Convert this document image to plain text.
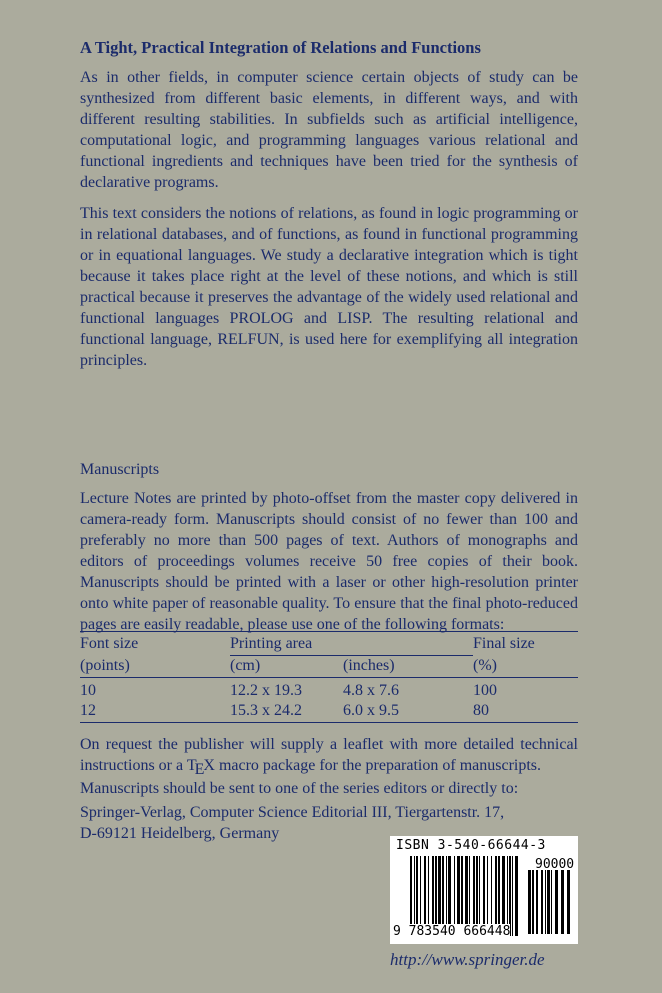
A Tight, Practical Integration of Relations and Functions

As in other fields, in computer science certain objects of study can be synthesized from different basic elements, in different ways, and with different resulting stabilities. In subfields such as artificial intelligence, computational logic, and programming languages various relational and functional ingredients and techniques have been tried for the synthesis of declarative programs.

This text considers the notions of relations, as found in logic programming or in relational databases, and of functions, as found in functional programming or in equational languages. We study a declarative integration which is tight because it takes place right at the level of these notions, and which is still practical because it preserves the advantage of the widely used relational and functional languages PROLOG and LISP. The resulting relational and functional language, RELFUN, is used here for exemplifying all integration principles.

Manuscripts

Lecture Notes are printed by photo-offset from the master copy delivered in camera-ready form. Manuscripts should consist of no fewer than 100 and preferably no more than 500 pages of text. Authors of monographs and editors of proceedings volumes receive 50 free copies of their book. Manuscripts should be printed with a laser or other high-resolution printer onto white paper of reasonable quality. To ensure that the final photo-reduced pages are easily readable, please use one of the following formats:

Font size	Printing area		Final size
(points)	(cm)	(inches)	(%)
10	12.2 x 19.3	4.8 x 7.6	100
12	15.3 x 24.2	6.0 x 9.5	80

On request the publisher will supply a leaflet with more detailed technical instructions or a TEX macro package for the preparation of manuscripts.

Manuscripts should be sent to one of the series editors or directly to:

Springer-Verlag, Computer Science Editorial III, Tiergartenstr. 17,

D-69121 Heidelberg, Germany

ISBN 3-540-66644-3
90000
9 783540 666448
http://www.springer.de
